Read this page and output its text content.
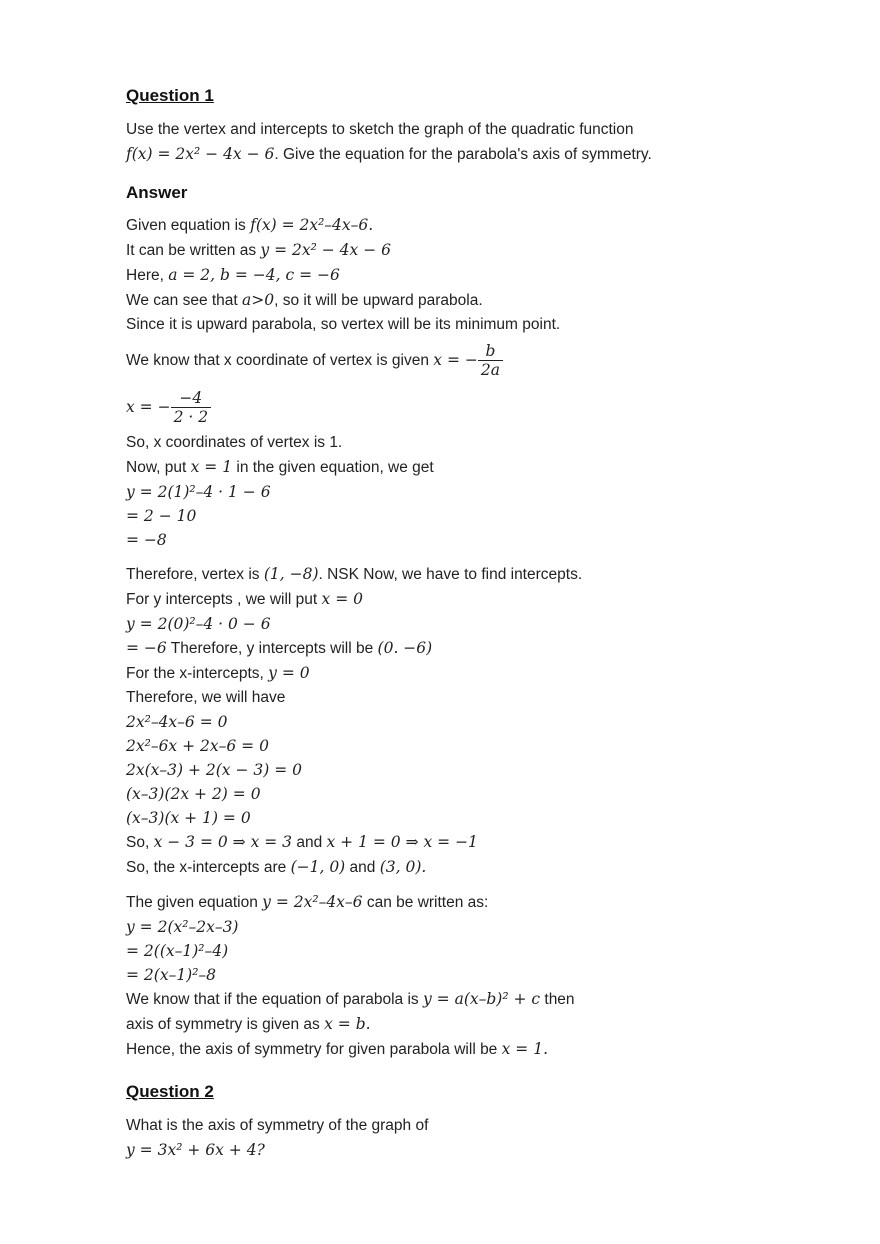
Question 1

Use the vertex and intercepts to sketch the graph of the quadratic function

f(x) = 2x² − 4x − 6. Give the equation for the parabola's axis of symmetry.

Answer

Given equation is f(x) = 2x²–4x–6.

It can be written as y = 2x² − 4x − 6

Here, a = 2, b = −4, c = −6

We can see that a>0, so it will be upward parabola.

Since it is upward parabola, so vertex will be its minimum point.

We know that x coordinate of vertex is given x = − $\frac{b}{2a}$

x = − $\frac{-4}{2 \cdot 2}$

So, x coordinates of vertex is 1.

Now, put x = 1 in the given equation, we get

y = 2(1)²–4 · 1 − 6

= 2 − 10

= −8

Therefore, vertex is (1, −8). NSK Now, we have to find intercepts.

For y intercepts , we will put x = 0

y = 2(0)²–4 · 0 − 6

= −6 Therefore, y intercepts will be (0. −6)

For the x-intercepts, y = 0

Therefore, we will have

2x²–4x–6 = 0

2x²–6x + 2x–6 = 0

2x(x–3) + 2(x − 3) = 0

(x–3)(2x + 2) = 0

(x–3)(x + 1) = 0

So, x − 3 = 0 ⇒ x = 3 and x + 1 = 0 ⇒ x = −1

So, the x-intercepts are (−1, 0) and (3, 0).

The given equation y = 2x²–4x–6 can be written as:

y = 2(x²–2x–3)

= 2((x–1)²–4)

= 2(x–1)²–8

We know that if the equation of parabola is y = a(x–b)² + c then

axis of symmetry is given as x = b.

Hence, the axis of symmetry for given parabola will be x = 1.

Question 2

What is the axis of symmetry of the graph of

y = 3x² + 6x + 4?
